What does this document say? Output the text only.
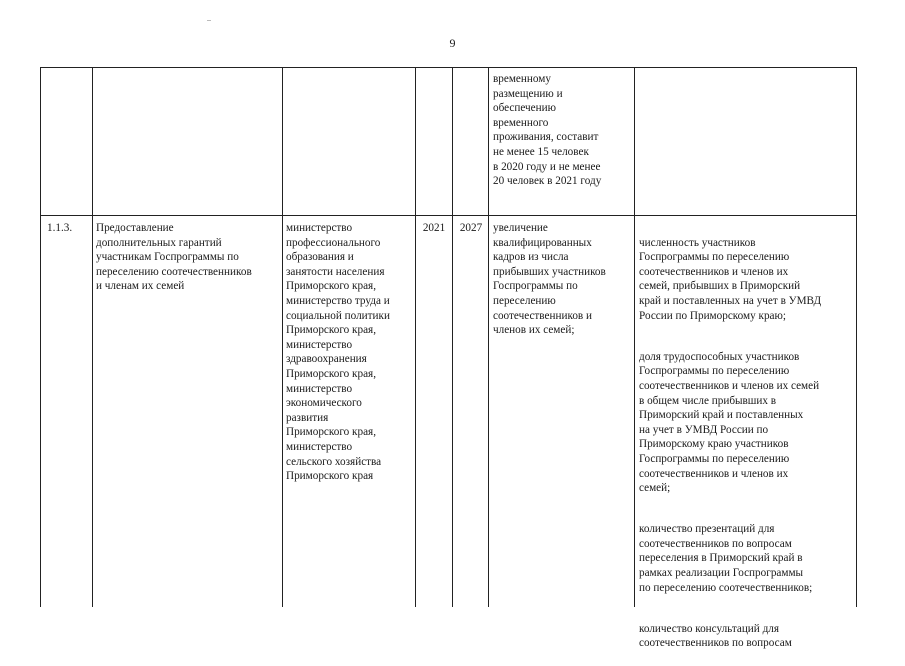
9
временному
размещению и
обеспечению
временного
проживания, составит
не менее 15 человек
в 2020 году и не менее
20 человек в 2021 году
1.1.3.	Предоставление
дополнительных гарантий
участникам Госпрограммы по
переселению соотечественников
и членам их семей
министерство
профессионального
образования и
занятости населения
Приморского края,
министерство труда и
социальной политики
Приморского края,
министерство
здравоохранения
Приморского края,
министерство
экономического
развития
Приморского края,
министерство
сельского хозяйства
Приморского края
2021	2027 увеличение
квалифицированных
кадров из числа
прибывших участников
Госпрограммы по
переселению
соотечественников и
членов их семей;

численность участников
Госпрограммы по переселению
соотечественников и членов их
семей, прибывших в Приморский
край и поставленных на учет в УМВД
России по Приморскому краю;

доля трудоспособных участников
Госпрограммы по переселению
соотечественников и членов их семей
в общем числе прибывших в
Приморский край и поставленных
на учет в УМВД России по
Приморскому краю участников
Госпрограммы по переселению
соотечественников и членов их
семей;

количество презентаций для
соотечественников по вопросам
переселения в Приморский край в
рамках реализации Госпрограммы
по переселению соотечественников;

количество консультаций для
соотечественников по вопросам
